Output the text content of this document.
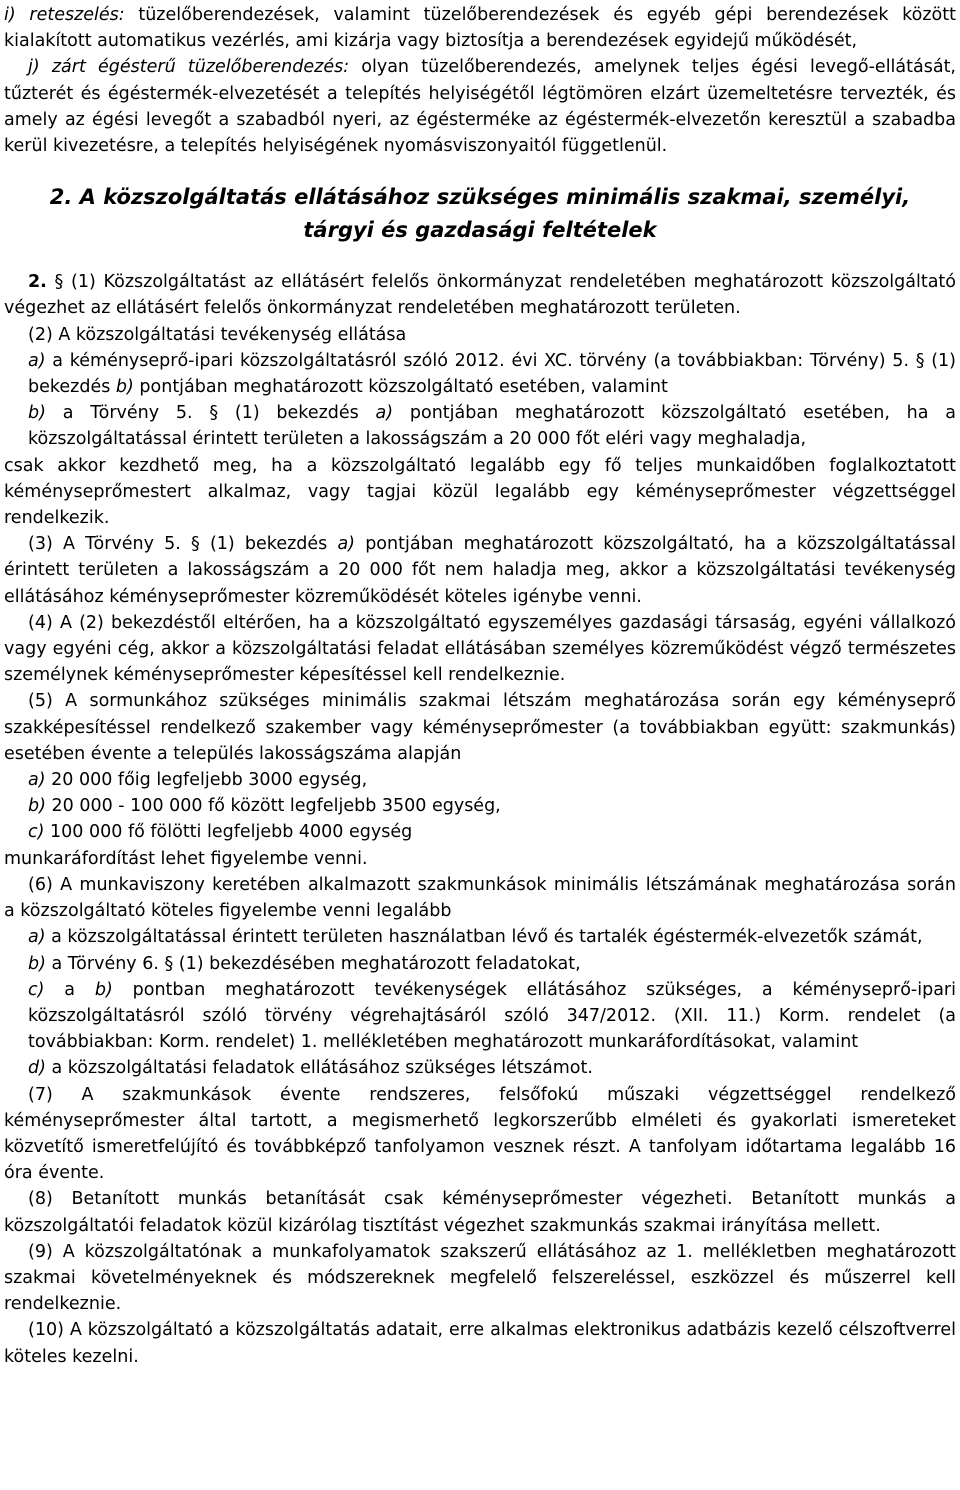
i) reteszelés: tüzelőberendezések, valamint tüzelőberendezések és egyéb gépi berendezések között kialakított automatikus vezérlés, ami kizárja vagy biztosítja a berendezések egyidejű működését,

j) zárt égésterű tüzelőberendezés: olyan tüzelőberendezés, amelynek teljes égési levegő-ellátását, tűzterét és égéstermék-elvezetését a telepítés helyiségétől légtömören elzárt üzemeltetésre tervezték, és amely az égési levegőt a szabadból nyeri, az égésterméke az égéstermék-elvezetőn keresztül a szabadba kerül kivezetésre, a telepítés helyiségének nyomásviszonyaitól függetlenül.

2. A közszolgáltatás ellátásához szükséges minimális szakmai, személyi,
tárgyi és gazdasági feltételek

2. § (1) Közszolgáltatást az ellátásért felelős önkormányzat rendeletében meghatározott közszolgáltató végezhet az ellátásért felelős önkormányzat rendeletében meghatározott területen.

(2) A közszolgáltatási tevékenység ellátása

a) a kéményseprő-ipari közszolgáltatásról szóló 2012. évi XC. törvény (a továbbiakban: Törvény) 5. § (1) bekezdés b) pontjában meghatározott közszolgáltató esetében, valamint

b) a Törvény 5. § (1) bekezdés a) pontjában meghatározott közszolgáltató esetében, ha a közszolgáltatással érintett területen a lakosságszám a 20 000 főt eléri vagy meghaladja,

csak akkor kezdhető meg, ha a közszolgáltató legalább egy fő teljes munkaidőben foglalkoztatott kéményseprőmestert alkalmaz, vagy tagjai közül legalább egy kéményseprőmester végzettséggel rendelkezik.

(3) A Törvény 5. § (1) bekezdés a) pontjában meghatározott közszolgáltató, ha a közszolgáltatással érintett területen a lakosságszám a 20 000 főt nem haladja meg, akkor a közszolgáltatási tevékenység ellátásához kéményseprőmester közreműködését köteles igénybe venni.

(4) A (2) bekezdéstől eltérően, ha a közszolgáltató egyszemélyes gazdasági társaság, egyéni vállalkozó vagy egyéni cég, akkor a közszolgáltatási feladat ellátásában személyes közreműködést végző természetes személynek kéményseprőmester képesítéssel kell rendelkeznie.

(5) A sormunkához szükséges minimális szakmai létszám meghatározása során egy kéményseprő szakképesítéssel rendelkező szakember vagy kéményseprőmester (a továbbiakban együtt: szakmunkás) esetében évente a település lakosságszáma alapján

a) 20 000 főig legfeljebb 3000 egység,

b) 20 000 - 100 000 fő között legfeljebb 3500 egység,

c) 100 000 fő fölötti legfeljebb 4000 egység

munkaráfordítást lehet figyelembe venni.

(6) A munkaviszony keretében alkalmazott szakmunkások minimális létszámának meghatározása során a közszolgáltató köteles figyelembe venni legalább

a) a közszolgáltatással érintett területen használatban lévő és tartalék égéstermék-elvezetők számát,

b) a Törvény 6. § (1) bekezdésében meghatározott feladatokat,

c) a b) pontban meghatározott tevékenységek ellátásához szükséges, a kéményseprő-ipari közszolgáltatásról szóló törvény végrehajtásáról szóló 347/2012. (XII. 11.) Korm. rendelet (a továbbiakban: Korm. rendelet) 1. mellékletében meghatározott munkaráfordításokat, valamint

d) a közszolgáltatási feladatok ellátásához szükséges létszámot.

(7) A szakmunkások évente rendszeres, felsőfokú műszaki végzettséggel rendelkező kéményseprőmester által tartott, a megismerhető legkorszerűbb elméleti és gyakorlati ismereteket közvetítő ismeretfelújító és továbbképző tanfolyamon vesznek részt. A tanfolyam időtartama legalább 16 óra évente.

(8) Betanított munkás betanítását csak kéményseprőmester végezheti. Betanított munkás a közszolgáltatói feladatok közül kizárólag tisztítást végezhet szakmunkás szakmai irányítása mellett.

(9) A közszolgáltatónak a munkafolyamatok szakszerű ellátásához az 1. mellékletben meghatározott szakmai követelményeknek és módszereknek megfelelő felszereléssel, eszközzel és műszerrel kell rendelkeznie.

(10) A közszolgáltató a közszolgáltatás adatait, erre alkalmas elektronikus adatbázis kezelő célszoftverrel köteles kezelni.
